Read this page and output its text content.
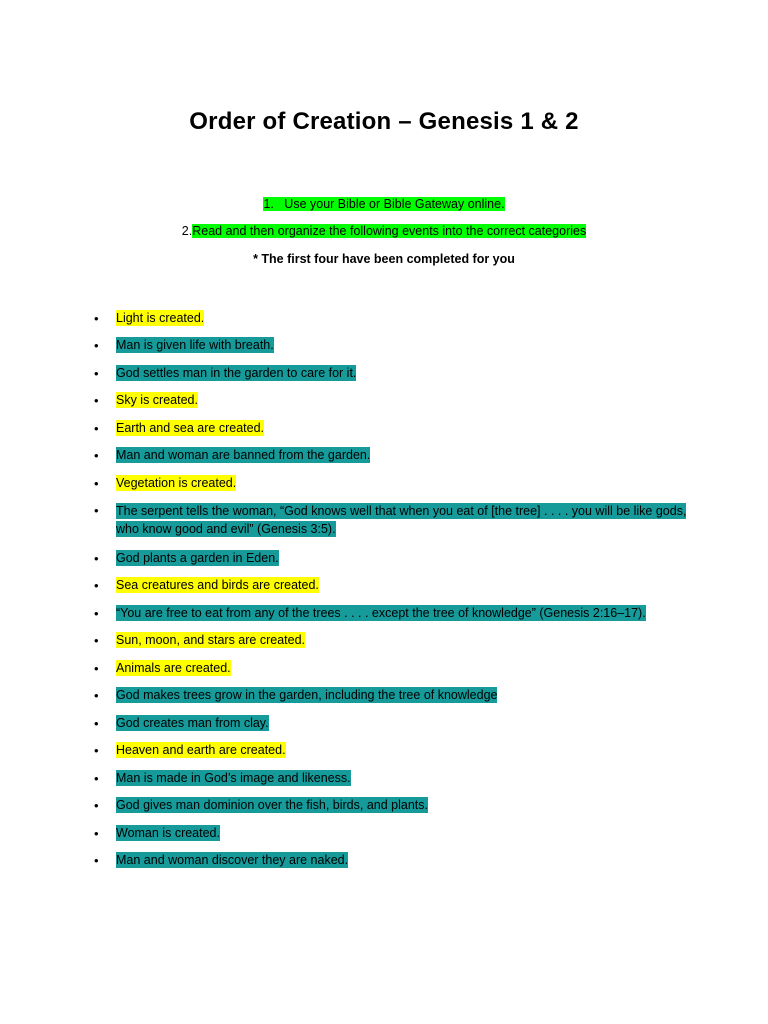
Order of Creation – Genesis 1 & 2

1. Use your Bible or Bible Gateway online.

2.Read and then organize the following events into the correct categories

* The first four have been completed for you

• Light is created.
• Man is given life with breath.
• God settles man in the garden to care for it.
• Sky is created.
• Earth and sea are created.
• Man and woman are banned from the garden.
• Vegetation is created.
• The serpent tells the woman, “God knows well that when you eat of [the tree] . . . . you will be like gods, who know good and evil” (Genesis 3:5).
• God plants a garden in Eden.
• Sea creatures and birds are created.
• “You are free to eat from any of the trees . . . . except the tree of knowledge” (Genesis 2:16–17).
• Sun, moon, and stars are created.
• Animals are created.
• God makes trees grow in the garden, including the tree of knowledge
• God creates man from clay.
• Heaven and earth are created.
• Man is made in God’s image and likeness.
• God gives man dominion over the fish, birds, and plants.
• Woman is created.
• Man and woman discover they are naked.
